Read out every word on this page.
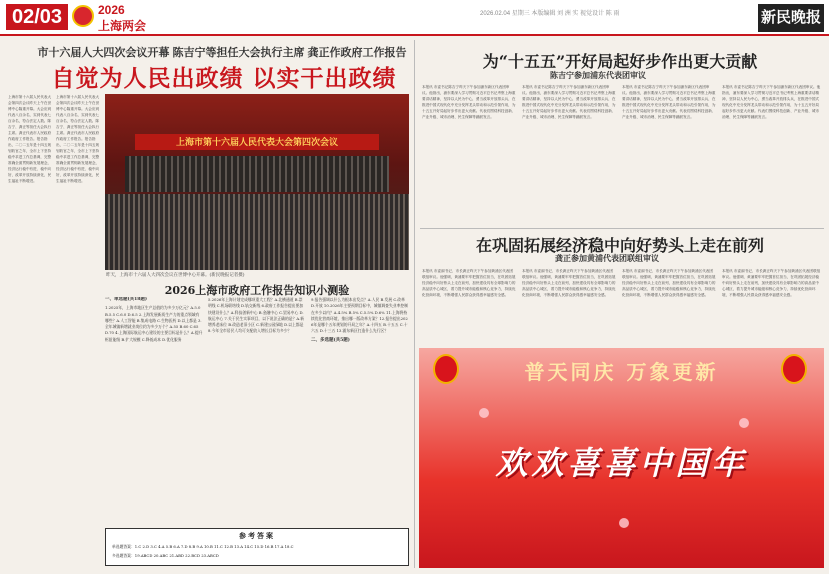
02/03	2026
上海两会
2026.02.04 星期三 本版编辑 刘 洲 实 视觉设计 陈 雨	新民晚报
市十六届人大四次会议开幕 陈吉宁等担任大会执行主席 龚正作政府工作报告
自觉为人民出政绩 以实干出政绩
上海市第十六届人民代表大会第四次会议昨天上午在世博中心隆重开幕。大会应到代表八百余名，实到代表七百余名，符合法定人数。陈吉宁、龚正等担任大会执行主席。龚正代表市人民政府作政府工作报告。报告指出，二〇二五年是十四五规划收官之年，全市上下坚持稳中求进工作总基调，完整准确全面贯彻新发展理念，经济运行稳中有进、稳中向好，改革开放持续深化，民生福祉不断增进。
上海市第十六届人民代表大会第四次会议昨天上午在世博中心隆重开幕。大会应到代表八百余名，实到代表七百余名，符合法定人数。陈吉宁、龚正等担任大会执行主席。龚正代表市人民政府作政府工作报告。报告指出，二〇二五年是十四五规划收官之年，全市上下坚持稳中求进工作总基调，完整准确全面贯彻新发展理念，经济运行稳中有进、稳中向好，改革开放持续深化，民生福祉不断增进。
上海市第十六届人民代表大会第四次会议
昨天，上海市十六届人大四次会议在世博中心开幕。(新民晚报记者摄)
2026上海市政府工作报告知识小测验
一、单选题(共18题)
1.2025年，上海市地区生产总值约为多少万亿元？A.5.0 B.5.5 C.6.0 D.6.5 2.上海发展新质生产力的重点领域有哪些？A.人工智能 B.集成电路 C.生物医药 D.以上都是 3.全年城镇新增就业岗位约为多少万个？A.55 B.60 C.65 D.70 4.上海国际航运中心建设的主要目标是什么？A.提升枢纽能级 B.扩大规模 C.降低成本 D.优化服务
5.2026年上海计划完成哪项重大工程？A.北横通道 B.崇明线 C.机场联络线 D.轨交新线 6.政府工作报告提出要加快建设什么？A.科技创新中心 B.金融中心 C.贸易中心 D.航运中心 7.关于民生实事项目，以下说法正确的是？A.新增养老床位 B.改造老旧小区 C.新建公园绿地 D.以上都是 8.今年全市居民人均可支配收入增长目标为多少？
9.报告强调以什么为根本出发点？A.人民 B.发展 C.改革 D.开放 10.2026年主要预期目标中，城镇调查失业率控制在多少以内？A.4.5% B.5% C.5.5% D.6% 11.上海将持续优化营商环境，推出哪一版改革方案？12.报告提出2026年是哪个五年规划的开局之年？A.十四五 B.十五五 C.十六五 D.十三五 13.浦东新区打造什么先行区？
二、多选题(共5题)
参考答案
单选题答案：1.C 2.D 3.C 4.A 5.B 6.A 7.D 8.B 9.A 10.B 11.C 12.B 13.A 14.C 15.D 16.B 17.A 18.C
多选题答案：19.ABCD 20.ABC 21.ABD 22.BCD 23.ABCD
为“十五五”开好局起好步作出更大贡献
陈吉宁参加浦东代表团审议
本报讯 市委书记陈吉宁昨天下午参加浦东新区代表团审议。他指出，浦东要深入学习贯彻习近平总书记考察上海重要讲话精神，坚持以人民为中心，勇当改革开放排头兵，在推进中国式现代化中充分发挥龙头带动和示范引领作用，为十五五开好局起好步作出更大贡献。代表们围绕科技创新、产业升级、城市治理、民生保障等踊跃发言。
本报讯 市委书记陈吉宁昨天下午参加浦东新区代表团审议。他指出，浦东要深入学习贯彻习近平总书记考察上海重要讲话精神，坚持以人民为中心，勇当改革开放排头兵，在推进中国式现代化中充分发挥龙头带动和示范引领作用，为十五五开好局起好步作出更大贡献。代表们围绕科技创新、产业升级、城市治理、民生保障等踊跃发言。
本报讯 市委书记陈吉宁昨天下午参加浦东新区代表团审议。他指出，浦东要深入学习贯彻习近平总书记考察上海重要讲话精神，坚持以人民为中心，勇当改革开放排头兵，在推进中国式现代化中充分发挥龙头带动和示范引领作用，为十五五开好局起好步作出更大贡献。代表们围绕科技创新、产业升级、城市治理、民生保障等踊跃发言。
本报讯 市委书记陈吉宁昨天下午参加浦东新区代表团审议。他指出，浦东要深入学习贯彻习近平总书记考察上海重要讲话精神，坚持以人民为中心，勇当改革开放排头兵，在推进中国式现代化中充分发挥龙头带动和示范引领作用，为十五五开好局起好步作出更大贡献。代表们围绕科技创新、产业升级、城市治理、民生保障等踊跃发言。
在巩固拓展经济稳中向好势头上走在前列
龚正参加黄浦代表团联组审议
本报讯 市委副书记、市长龚正昨天下午参加黄浦区代表团联组审议。他强调，黄浦要牢牢把握首位担当，在巩固拓展经济稳中向好势头上走在前列，加快建设具有全球影响力的高品质中心城区，着力提升城市能级和核心竞争力，持续优化营商环境，不断增强人民群众获得感幸福感安全感。
本报讯 市委副书记、市长龚正昨天下午参加黄浦区代表团联组审议。他强调，黄浦要牢牢把握首位担当，在巩固拓展经济稳中向好势头上走在前列，加快建设具有全球影响力的高品质中心城区，着力提升城市能级和核心竞争力，持续优化营商环境，不断增强人民群众获得感幸福感安全感。
本报讯 市委副书记、市长龚正昨天下午参加黄浦区代表团联组审议。他强调，黄浦要牢牢把握首位担当，在巩固拓展经济稳中向好势头上走在前列，加快建设具有全球影响力的高品质中心城区，着力提升城市能级和核心竞争力，持续优化营商环境，不断增强人民群众获得感幸福感安全感。
本报讯 市委副书记、市长龚正昨天下午参加黄浦区代表团联组审议。他强调，黄浦要牢牢把握首位担当，在巩固拓展经济稳中向好势头上走在前列，加快建设具有全球影响力的高品质中心城区，着力提升城市能级和核心竞争力，持续优化营商环境，不断增强人民群众获得感幸福感安全感。
普天同庆 万象更新
欢欢喜喜中国年
